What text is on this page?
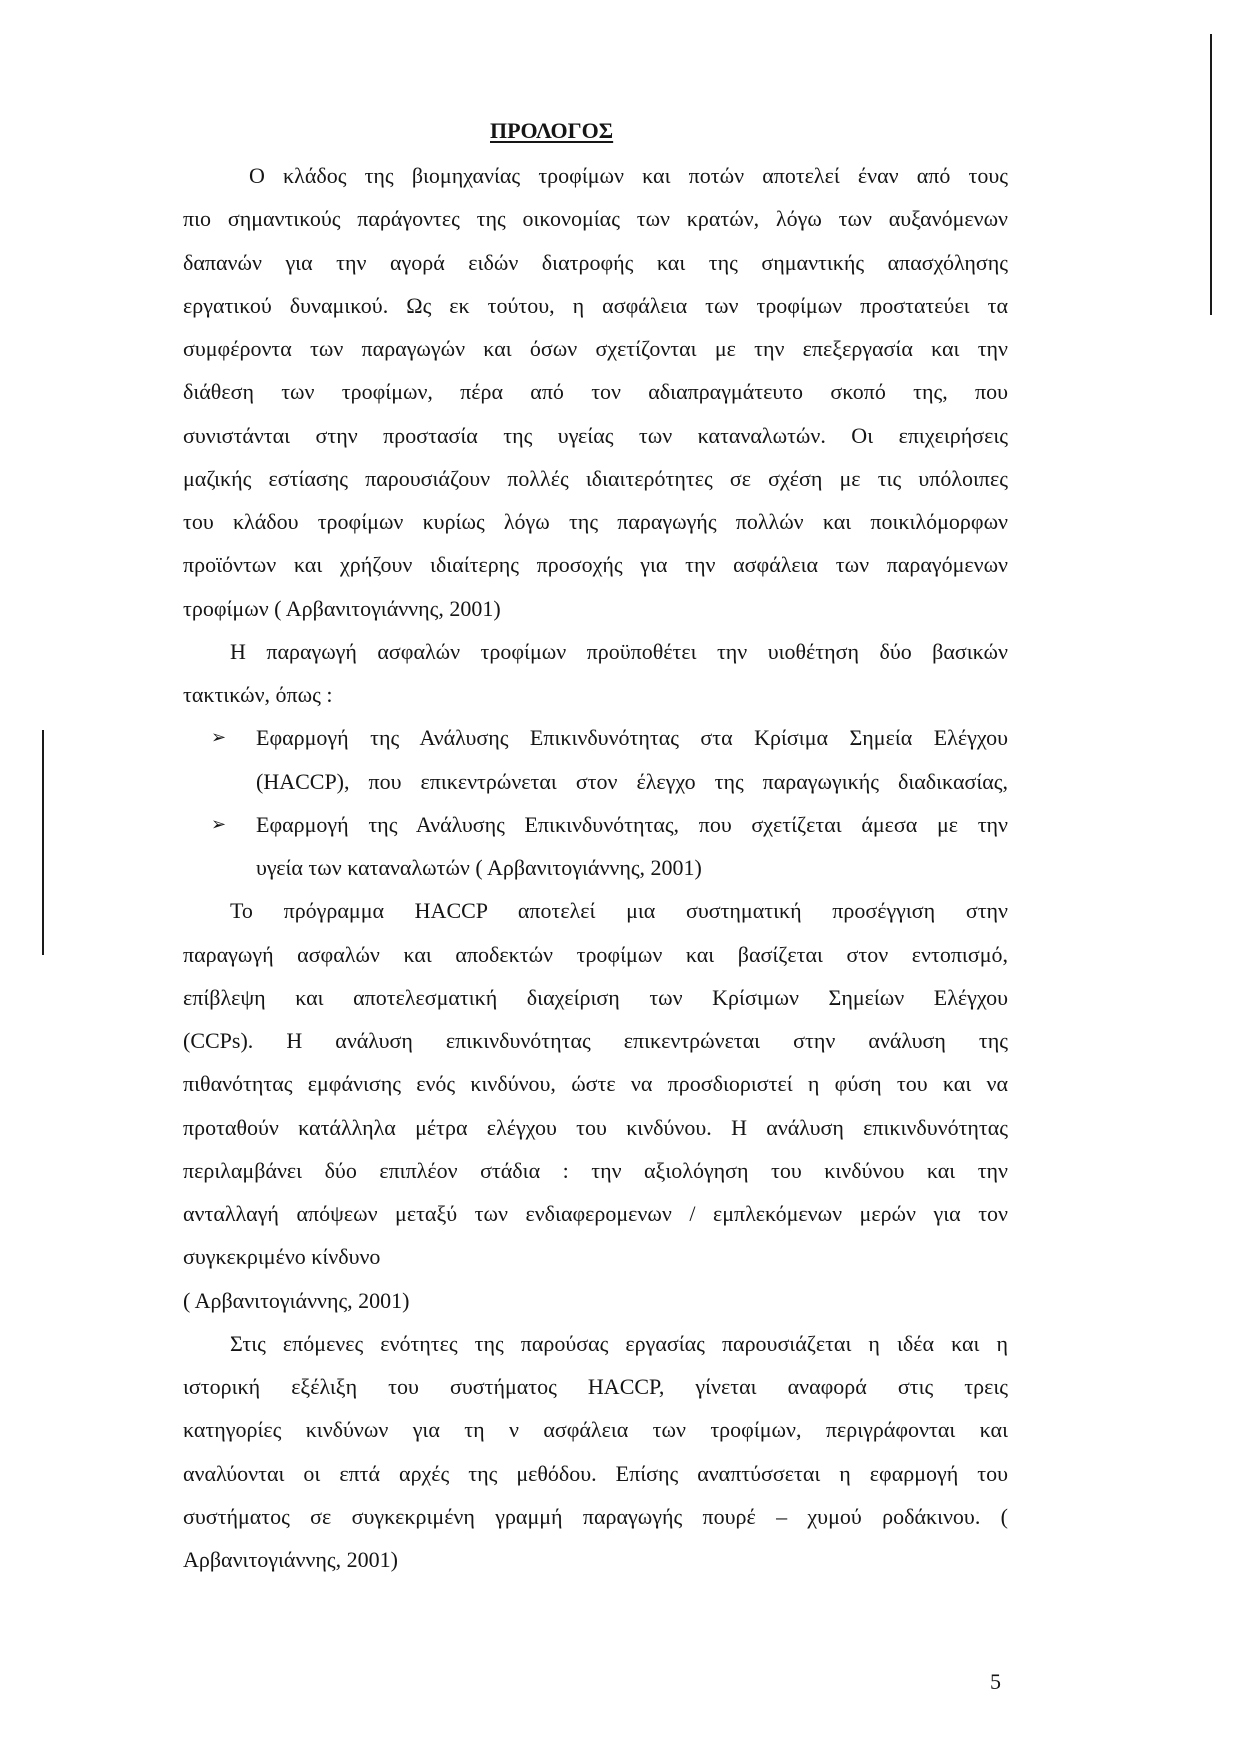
ΠΡΟΛΟΓΟΣ
Ο κλάδος της βιομηχανίας τροφίμων και ποτών αποτελεί έναν από τους
πιο σημαντικούς παράγοντες της οικονομίας των κρατών, λόγω των αυξανόμενων
δαπανών για την αγορά ειδών διατροφής και της σημαντικής απασχόλησης
εργατικού δυναμικού. Ως εκ τούτου, η ασφάλεια των τροφίμων προστατεύει τα
συμφέροντα των παραγωγών και όσων σχετίζονται με την επεξεργασία και την
διάθεση των τροφίμων, πέρα από τον αδιαπραγμάτευτο σκοπό της, που
συνιστάνται στην προστασία της υγείας των καταναλωτών. Οι επιχειρήσεις
μαζικής εστίασης παρουσιάζουν πολλές ιδιαιτερότητες σε σχέση με τις υπόλοιπες
του κλάδου τροφίμων κυρίως λόγω της παραγωγής πολλών και ποικιλόμορφων
προϊόντων και χρήζουν ιδιαίτερης προσοχής για την ασφάλεια των παραγόμενων
τροφίμων ( Αρβανιτογιάννης, 2001)
Η παραγωγή ασφαλών τροφίμων προϋποθέτει την υιοθέτηση δύο βασικών
τακτικών, όπως :
➢ Εφαρμογή της Ανάλυσης Επικινδυνότητας στα Κρίσιμα Σημεία Ελέγχου
(HACCP), που επικεντρώνεται στον έλεγχο της παραγωγικής διαδικασίας,
➢ Εφαρμογή της Ανάλυσης Επικινδυνότητας, που σχετίζεται άμεσα με την
υγεία των καταναλωτών ( Αρβανιτογιάννης, 2001)
Το πρόγραμμα HACCP αποτελεί μια συστηματική προσέγγιση στην
παραγωγή ασφαλών και αποδεκτών τροφίμων και βασίζεται στον εντοπισμό,
επίβλεψη και αποτελεσματική διαχείριση των Κρίσιμων Σημείων Ελέγχου
(CCPs). Η ανάλυση επικινδυνότητας επικεντρώνεται στην ανάλυση της
πιθανότητας εμφάνισης ενός κινδύνου, ώστε να προσδιοριστεί η φύση του και να
προταθούν κατάλληλα μέτρα ελέγχου του κινδύνου. Η ανάλυση επικινδυνότητας
περιλαμβάνει δύο επιπλέον στάδια : την αξιολόγηση του κινδύνου και την
ανταλλαγή απόψεων μεταξύ των ενδιαφερομενων / εμπλεκόμενων μερών για τον
συγκεκριμένο κίνδυνο
( Αρβανιτογιάννης, 2001)
Στις επόμενες ενότητες της παρούσας εργασίας παρουσιάζεται η ιδέα και η
ιστορική εξέλιξη του συστήματος HACCP, γίνεται αναφορά στις τρεις
κατηγορίες κινδύνων για τη ν ασφάλεια των τροφίμων, περιγράφονται και
αναλύονται οι επτά αρχές της μεθόδου. Επίσης αναπτύσσεται η εφαρμογή του
συστήματος σε συγκεκριμένη γραμμή παραγωγής πουρέ – χυμού ροδάκινου. (
Αρβανιτογιάννης, 2001)
5
